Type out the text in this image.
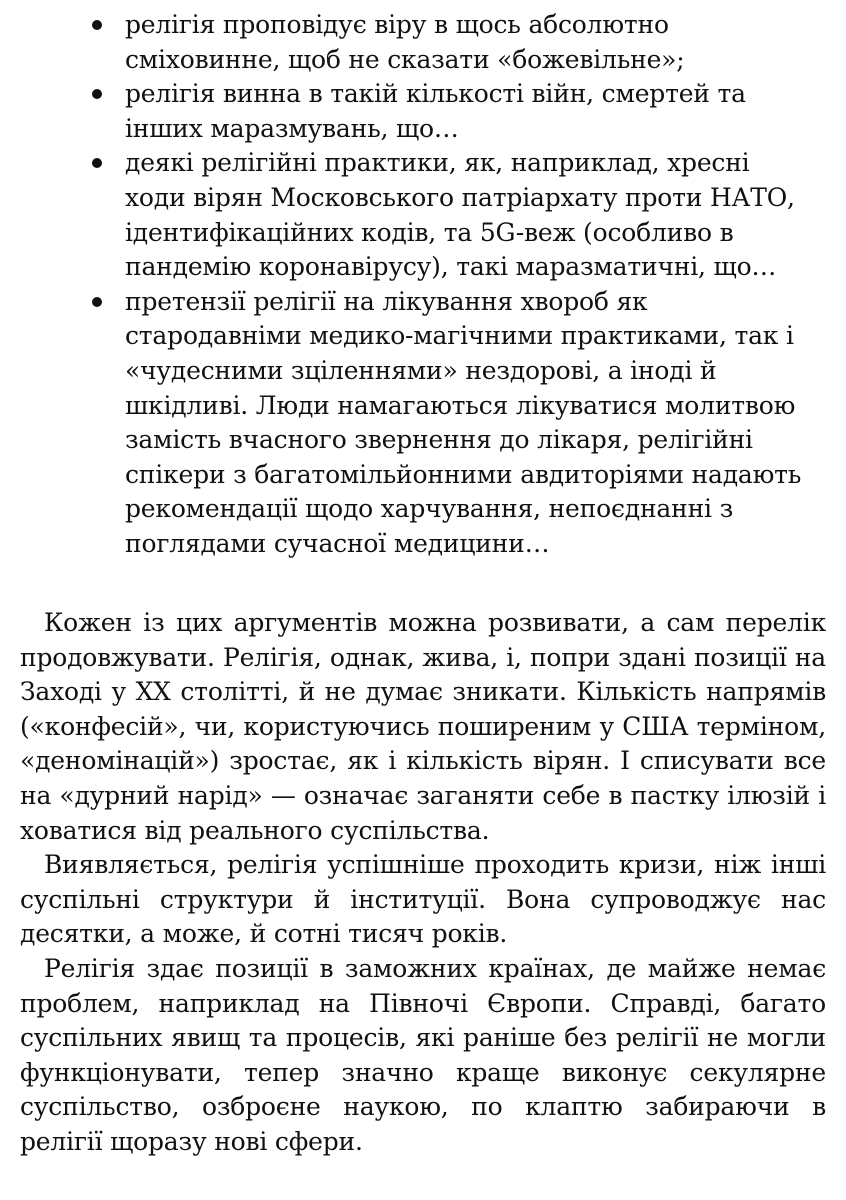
релігія проповідує віру в щось абсолютно сміховинне, щоб не сказати «божевільне»;
релігія винна в такій кількості війн, смертей та інших маразмувань, що…
деякі релігійні практики, як, наприклад, хресні ходи вірян Московського патріархату проти НАТО, ідентифікаційних кодів, та 5G-веж (особливо в пандемію коронавірусу), такі маразматичні, що…
претензії релігії на лікування хвороб як стародавніми медико-магічними практиками, так і «чудесними зціленнями» нездорові, а іноді й шкідливі. Люди намагаються лікуватися молитвою замість вчасного звернення до лікаря, релігійні спікери з багатомільйонними авдиторіями надають рекомендації щодо харчування, непоєднанні з поглядами сучасної медицини…

Кожен із цих аргументів можна розвивати, а сам перелік продовжувати. Релігія, однак, жива, і, попри здані позиції на Заході у XX столітті, й не думає зникати. Кількість напрямів («конфесій», чи, користуючись поширеним у США терміном, «деномінацій») зростає, як і кількість вірян. І списувати все на «дурний нарід» — означає заганяти себе в пастку ілюзій і ховатися від реального суспільства.

Виявляється, релігія успішніше проходить кризи, ніж інші суспільні структури й інституції. Вона супроводжує нас десятки, а може, й сотні тисяч років.

Релігія здає позиції в заможних країнах, де майже немає проблем, наприклад на Півночі Європи. Справді, багато суспільних явищ та процесів, які раніше без релігії не могли функціонувати, тепер значно краще виконує секулярне суспільство, озброєне наукою, по клаптю забираючи в релігії щоразу нові сфери.
